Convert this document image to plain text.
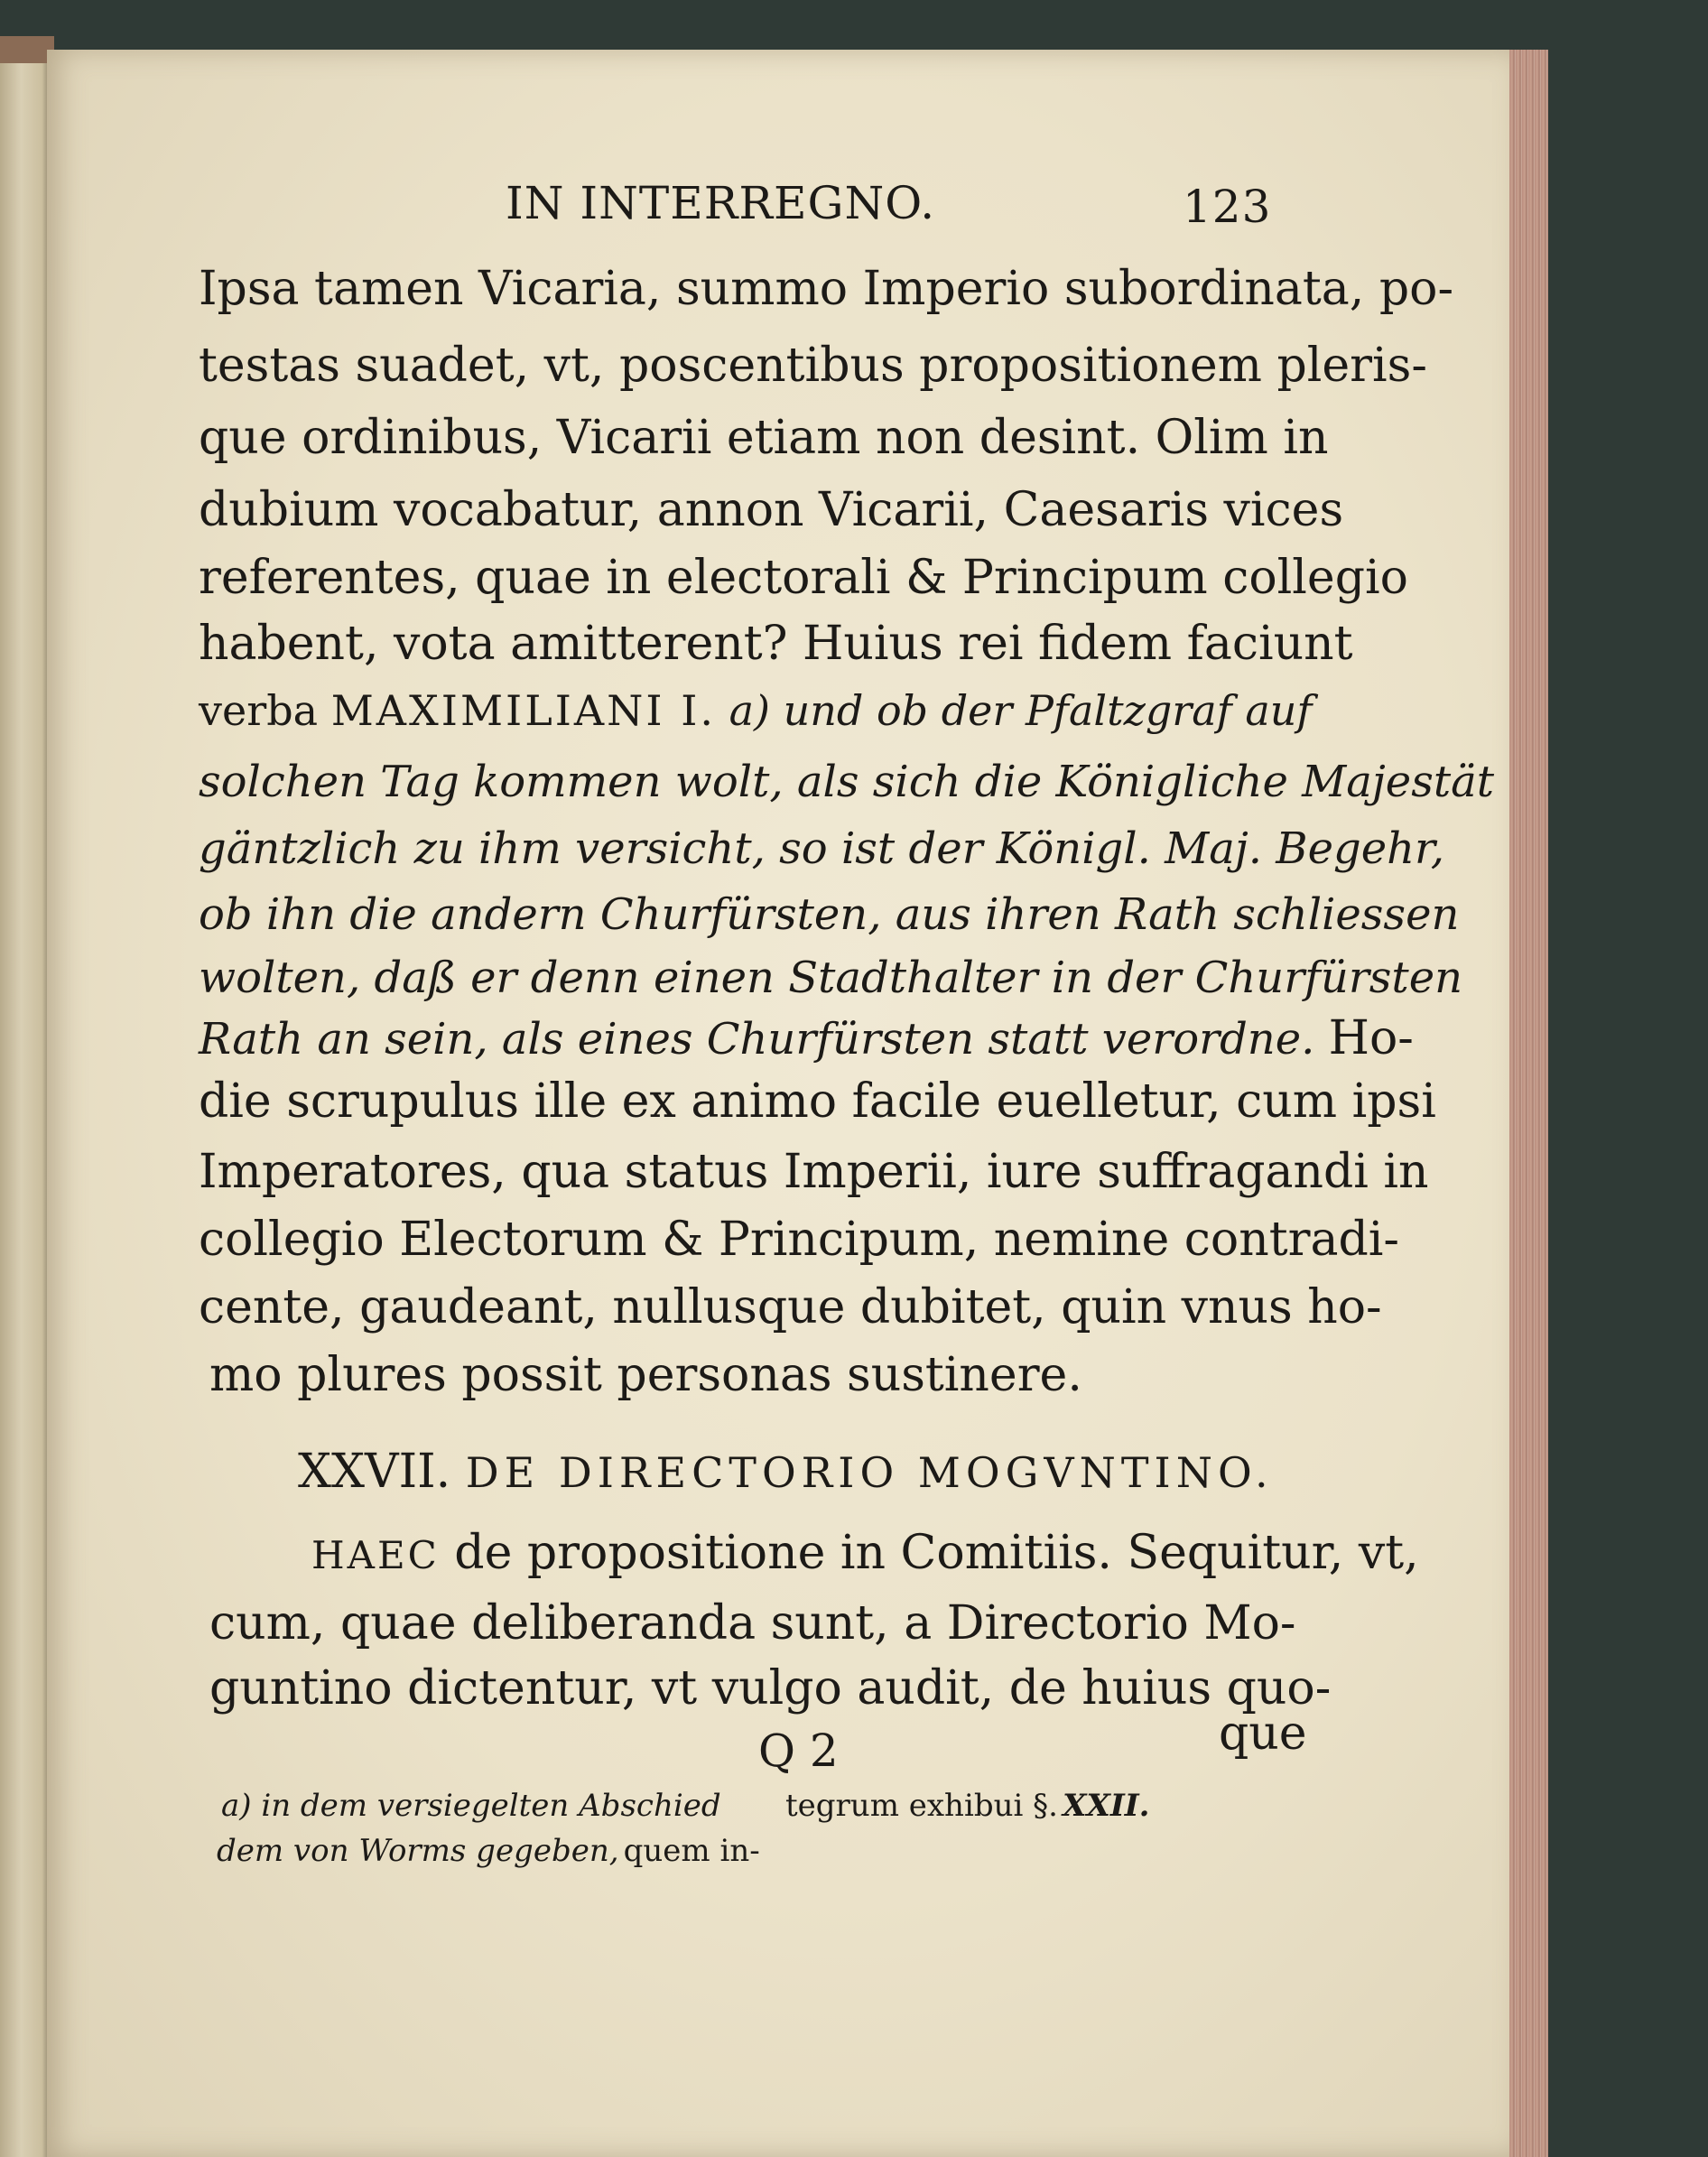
IN INTERREGNO.	123
Ipsa tamen Vicaria, summo Imperio subordinata, po-
testas suadet, vt, poscentibus propositionem pleris-
que ordinibus, Vicarii etiam non desint. Olim in
dubium vocabatur, annon Vicarii, Caesaris vices
referentes, quae in electorali & Principum collegio
habent, vota amitterent? Huius rei fidem faciunt
verba MAXIMILIANI I. a) und ob der Pfaltzgraf auf
solchen Tag kommen wolt, als sich die Königliche Majestät
gäntzlich zu ihm versicht, so ist der Königl. Maj. Begehr,
ob ihn die andern Churfürsten, aus ihren Rath schliessen
wolten, daß er denn einen Stadthalter in der Churfürsten
Rath an sein, als eines Churfürsten statt verordne. Ho-
die scrupulus ille ex animo facile euelletur, cum ipsi
Imperatores, qua status Imperii, iure suffragandi in
collegio Electorum & Principum, nemine contradi-
cente, gaudeant, nullusque dubitet, quin vnus ho-
mo plures possit personas sustinere.
XXVII. DE DIRECTORIO MOGVNTINO.
HAEC de propositione in Comitiis. Sequitur, vt,
cum, quae deliberanda sunt, a Directorio Mo-
guntino dictentur, vt vulgo audit, de huius quo-
Q 2	que
a) in dem versiegelten Abschied
dem von Worms gegeben, quem in-
tegrum exhibui §. XXII.
